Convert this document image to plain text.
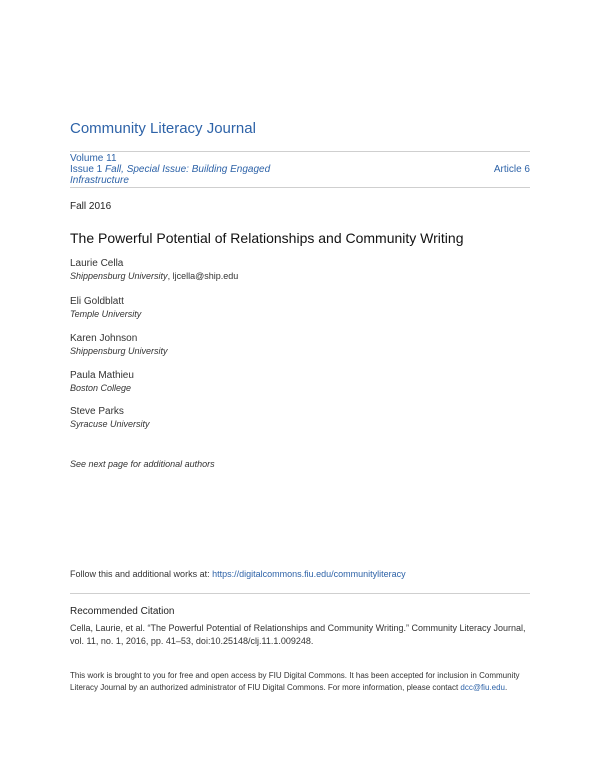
Community Literacy Journal
Volume 11
Issue 1 Fall, Special Issue: Building Engaged Infrastructure
Article 6
Fall 2016
The Powerful Potential of Relationships and Community Writing
Laurie Cella
Shippensburg University, ljcella@ship.edu
Eli Goldblatt
Temple University
Karen Johnson
Shippensburg University
Paula Mathieu
Boston College
Steve Parks
Syracuse University
See next page for additional authors
Follow this and additional works at: https://digitalcommons.fiu.edu/communityliteracy
Recommended Citation
Cella, Laurie, et al. “The Powerful Potential of Relationships and Community Writing.” Community Literacy Journal, vol. 11, no. 1, 2016, pp. 41–53, doi:10.25148/clj.11.1.009248.
This work is brought to you for free and open access by FIU Digital Commons. It has been accepted for inclusion in Community Literacy Journal by an authorized administrator of FIU Digital Commons. For more information, please contact dcc@fiu.edu.
